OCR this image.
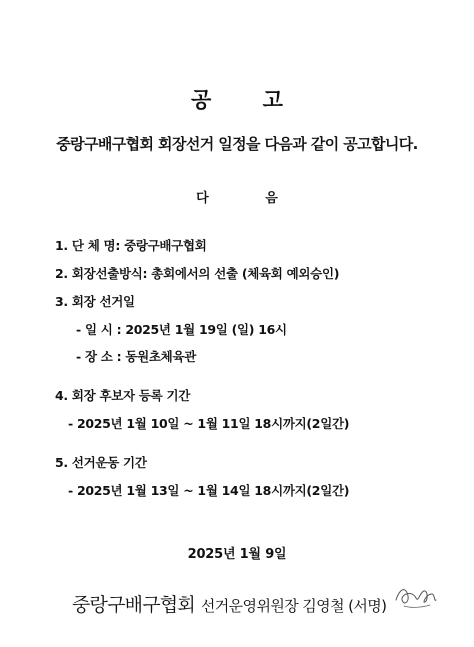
공 고
중랑구배구협회 회장선거 일정을 다음과 같이 공고합니다.
다 음
1. 단 체 명: 중랑구배구협회
2. 회장선출방식: 총회에서의 선출 (체육회 예외승인)
3. 회장 선거일
- 일 시 : 2025년 1월 19일 (일) 16시
- 장 소 : 동원초체육관
4. 회장 후보자 등록 기간
- 2025년 1월 10일 ~ 1월 11일 18시까지(2일간)
5. 선거운동 기간
- 2025년 1월 13일 ~ 1월 14일 18시까지(2일간)
2025년 1월 9일
중랑구배구협회 선거운영위원장 김영철 (서명)
